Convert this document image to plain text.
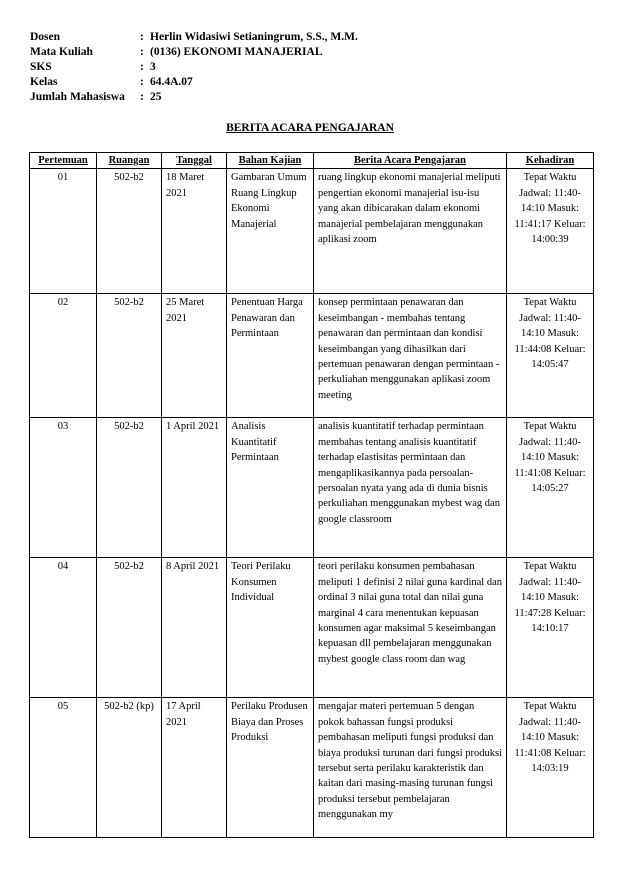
Dosen	: Herlin Widasiwi Setianingrum, S.S., M.M.
Mata Kuliah	: (0136) EKONOMI MANAJERIAL
SKS	: 3
Kelas	: 64.4A.07
Jumlah Mahasiswa	: 25
BERITA ACARA PENGAJARAN
Pertemuan	Ruangan	Tanggal	Bahan Kajian	Berita Acara Pengajaran	Kehadiran
01	502-b2	18 Maret 2021	Gambaran Umum Ruang Lingkup Ekonomi Manajerial	ruang lingkup ekonomi manajerial meliputi pengertian ekonomi manajerial isu-isu yang akan dibicarakan dalam ekonomi manajerial pembelajaran menggunakan aplikasi zoom	Tepat Waktu Jadwal: 11:40-14:10 Masuk: 11:41:17 Keluar: 14:00:39
02	502-b2	25 Maret 2021	Penentuan Harga Penawaran dan Permintaan	konsep permintaan penawaran dan keseimbangan - membahas tentang penawaran dan permintaan dan kondisi keseimbangan yang dihasilkan dari pertemuan penawaran dengan permintaan - perkuliahan menggunakan aplikasi zoom meeting	Tepat Waktu Jadwal: 11:40-14:10 Masuk: 11:44:08 Keluar: 14:05:47
03	502-b2	1 April 2021	Analisis Kuantitatif Permintaan	analisis kuantitatif terhadap permintaan membahas tentang analisis kuantitatif terhadap elastisitas permintaan dan mengaplikasikannya pada persoalan-persoalan nyata yang ada di dunia bisnis perkuliahan menggunakan mybest wag dan google classroom	Tepat Waktu Jadwal: 11:40-14:10 Masuk: 11:41:08 Keluar: 14:05:27
04	502-b2	8 April 2021	Teori Perilaku Konsumen Individual	teori perilaku konsumen pembahasan meliputi 1 definisi 2 nilai guna kardinal dan ordinal 3 nilai guna total dan nilai guna marginal 4 cara menentukan kepuasan konsumen agar maksimal 5 keseimbangan kepuasan dll pembelajaran menggunakan mybest google class room dan wag	Tepat Waktu Jadwal: 11:40-14:10 Masuk: 11:47:28 Keluar: 14:10:17
05	502-b2 (kp)	17 April 2021	Perilaku Produsen Biaya dan Proses Produksi	mengajar materi pertemuan 5 dengan pokok bahassan fungsi produksi pembahasan meliputi fungsi produksi dan biaya produksi turunan dari fungsi produksi tersebut serta perilaku karakteristik dan kaitan dari masing-masing turunan fungsi produksi tersebut pembelajaran menggunakan my	Tepat Waktu Jadwal: 11:40-14:10 Masuk: 11:41:08 Keluar: 14:03:19
